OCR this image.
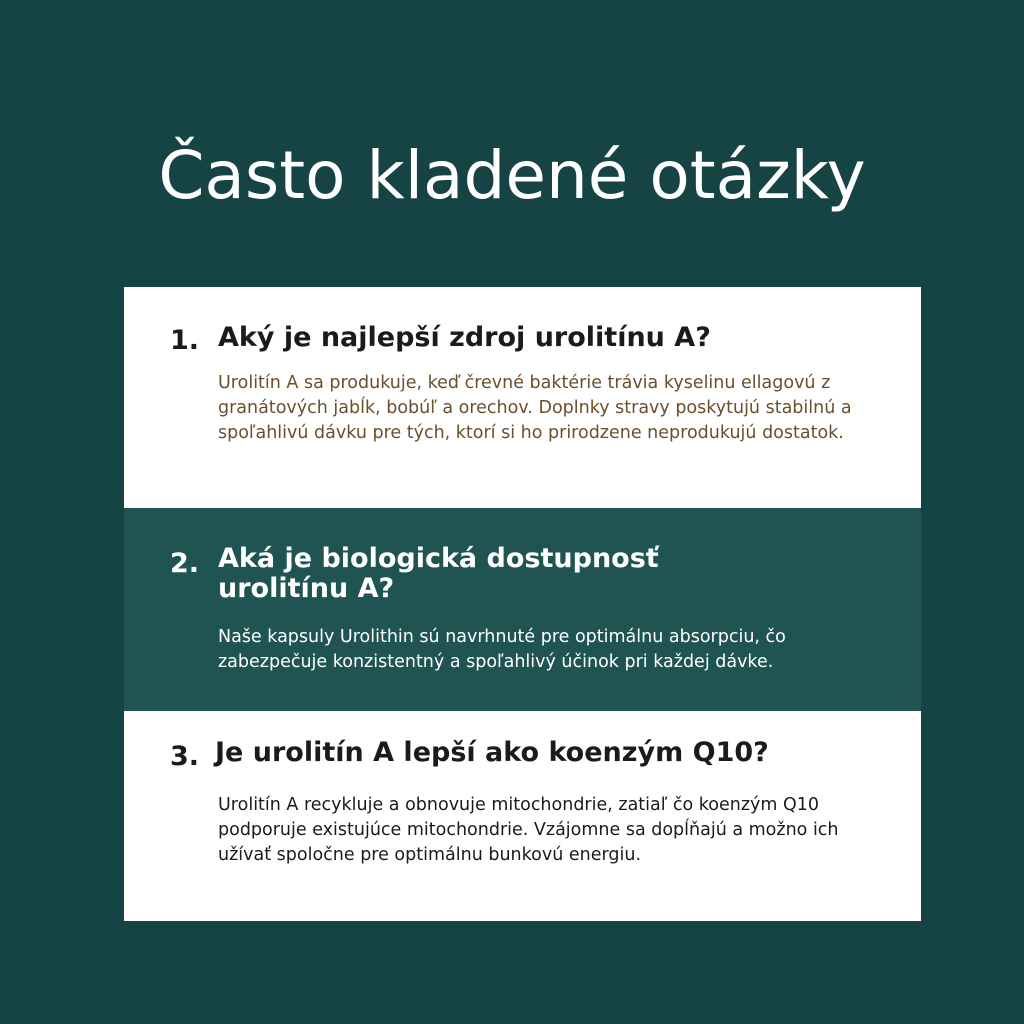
Často kladené otázky
1. Aký je najlepší zdroj urolitínu A?

Urolitín A sa produkuje, keď črevné baktérie trávia kyselinu ellagovú z granátových jabĺk, bobúľ a orechov. Doplnky stravy poskytujú stabilnú a spoľahlivú dávku pre tých, ktorí si ho prirodzene neprodukujú dostatok.

2. Aká je biologická dostupnosť urolitínu A?

Naše kapsuly Urolithin sú navrhnuté pre optimálnu absorpciu, čo zabezpečuje konzistentný a spoľahlivý účinok pri každej dávke.

3. Je urolitín A lepší ako koenzým Q10?

Urolitín A recykluje a obnovuje mitochondrie, zatiaľ čo koenzým Q10 podporuje existujúce mitochondrie. Vzájomne sa dopĺňajú a možno ich užívať spoločne pre optimálnu bunkovú energiu.
